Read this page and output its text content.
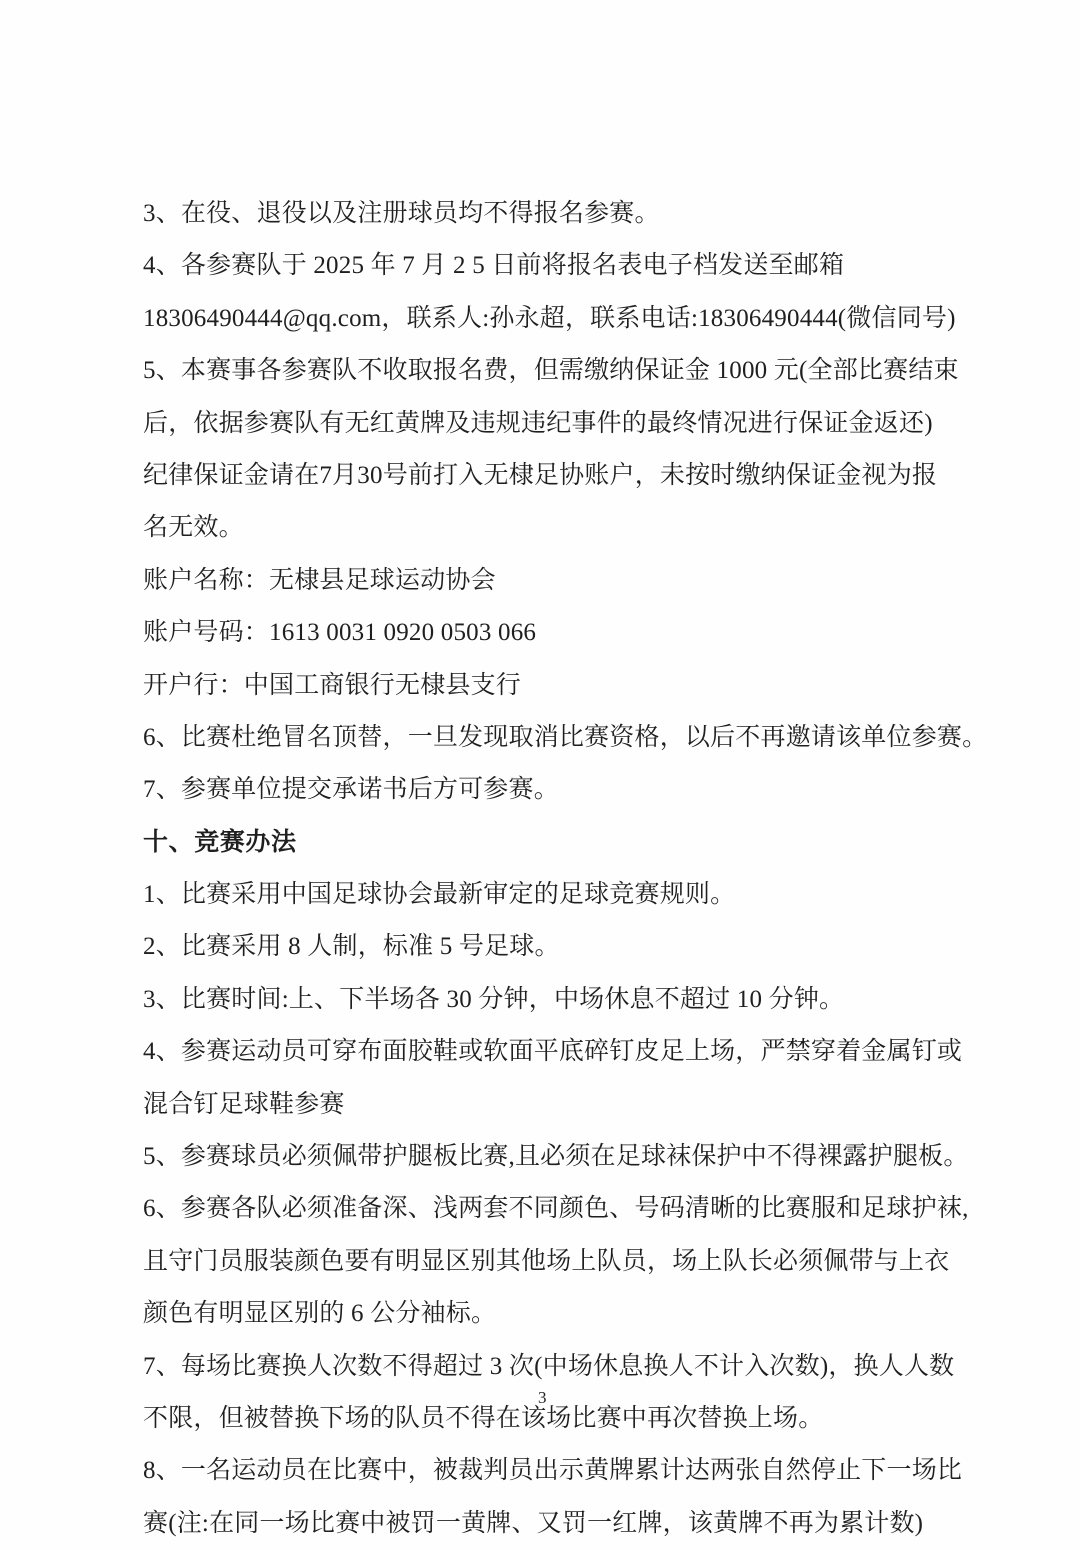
3、在役、退役以及注册球员均不得报名参赛。
4、各参赛队于 2025 年 7 月 2 5 日前将报名表电子档发送至邮箱
18306490444@qq.com，联系人:孙永超，联系电话:18306490444(微信同号)
5、本赛事各参赛队不收取报名费，但需缴纳保证金 1000 元(全部比赛结束
后，依据参赛队有无红黄牌及违规违纪事件的最终情况进行保证金返还)
纪律保证金请在7月30号前打入无棣足协账户，未按时缴纳保证金视为报
名无效。
账户名称：无棣县足球运动协会
账户号码：1613 0031 0920 0503 066
开户行：中国工商银行无棣县支行
6、比赛杜绝冒名顶替，一旦发现取消比赛资格，以后不再邀请该单位参赛。
7、参赛单位提交承诺书后方可参赛。
十、竞赛办法
1、比赛采用中国足球协会最新审定的足球竞赛规则。
2、比赛采用 8 人制，标准 5 号足球。
3、比赛时间:上、下半场各 30 分钟，中场休息不超过 10 分钟。
4、参赛运动员可穿布面胶鞋或软面平底碎钉皮足上场，严禁穿着金属钉或
混合钉足球鞋参赛
5、参赛球员必须佩带护腿板比赛,且必须在足球袜保护中不得裸露护腿板。
6、参赛各队必须准备深、浅两套不同颜色、号码清晰的比赛服和足球护袜,
且守门员服装颜色要有明显区别其他场上队员，场上队长必须佩带与上衣
颜色有明显区别的 6 公分袖标。
7、每场比赛换人次数不得超过 3 次(中场休息换人不计入次数)，换人人数
不限，但被替换下场的队员不得在该场比赛中再次替换上场。
8、一名运动员在比赛中，被裁判员出示黄牌累计达两张自然停止下一场比
赛(注:在同一场比赛中被罚一黄牌、又罚一红牌，该黄牌不再为累计数)
3
